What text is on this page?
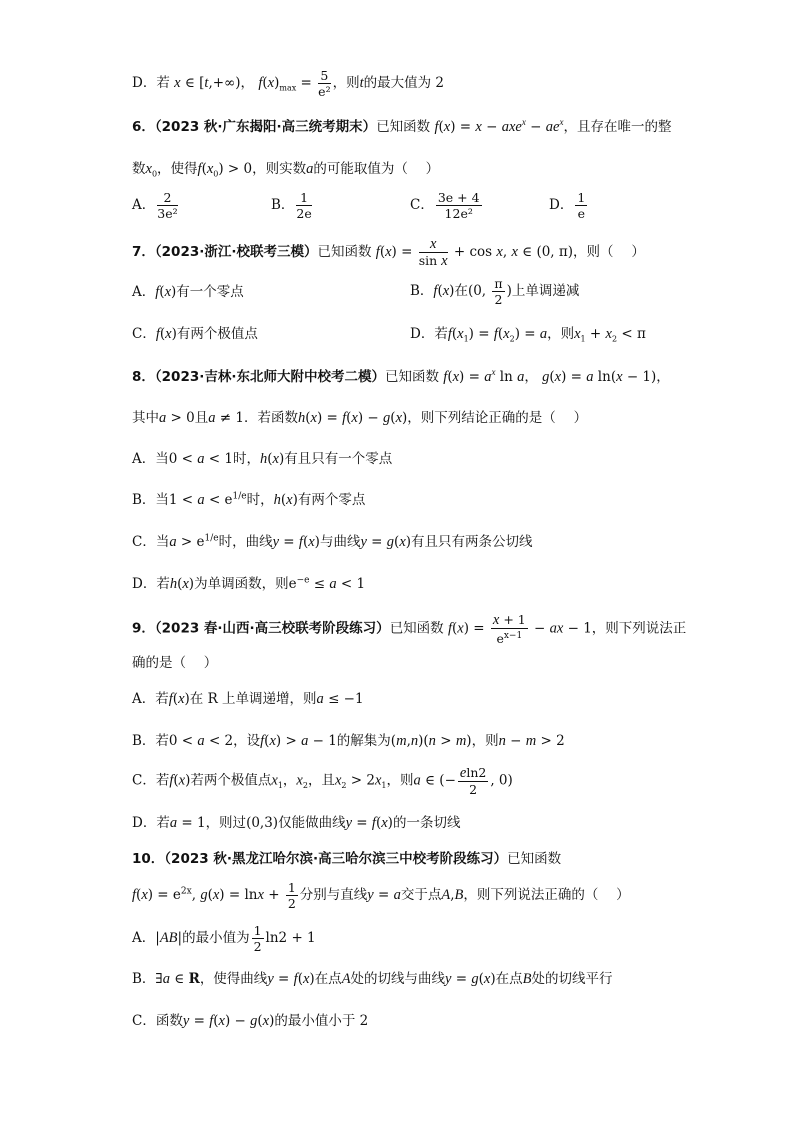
D．若 x ∈ [t,+∞)， $f(x)_{max} = \frac{5}{\text{e²}}$ ，则t的最大值为 2
6．（2023 秋·广东揭阳·高三统考期末）已知函数 $f(x) = x - axe^x - ae^x$，且存在唯一的整
数$x_0$，使得$f(x_0) > 0$，则实数a的可能取值为（　 ）
A． $\frac{2}{\text{3e²}}$	B． $\frac{1}{2e}$	C． $\frac{3e + 4}{\text{12e²}}$	D． $\frac{1}{e}$
7．（2023·浙江·校联考三模）已知函数 $f(x) = \frac{x}{\text{sin x}} + \cos x$, x ∈ (0, π)，则（　 ）
A．f(x)有一个零点	B．f(x)在(0, $\frac{\pi}{2}$ )上单调递减
C．f(x)有两个极值点	D．若$f(x_1) = f(x_2) = a$，则$x_1 + x_2 < \pi$
8．（2023·吉林·东北师大附中校考二模）已知函数 $f(x) = a^x$ ln a， g(x) = a ln(x − 1)，
其中a > 0且a ≠ 1．若函数h(x) = f(x) − g(x)，则下列结论正确的是（　 ）
A．当0 < a < 1时，h(x)有且只有一个零点
B．当$1 < a < e^{1/e}$时，h(x)有两个零点
C．当$a > e^{1/e}$时，曲线y = f(x)与曲线y = g(x)有且只有两条公切线
D．若h(x)为单调函数，则$e^{-e} \le a < 1$
9．（2023 春·山西·高三校联考阶段练习）已知函数 $f(x) = \frac{x + 1}{e^{x-1}}$ − ax − 1，则下列说法正
确的是（　 ）
A．若f(x)在 R 上单调递增，则a ≤ −1
B．若0 < a < 2，设f(x) > a − 1的解集为(m,n)(n > m)，则n − m > 2
C．若f(x)若两个极值点$x_1$，$x_2$，且$x_2 > 2x_1$，则a ∈ (− $\frac{eln2}{2}$ , 0)
D．若a = 1，则过(0,3)仅能做曲线y = f(x)的一条切线
10．（2023 秋·黑龙江哈尔滨·高三哈尔滨三中校考阶段练习）已知函数
$f(x) = e^{2x}$, $g(x) = \ln x + \frac{1}{2}$ 分别与直线y = a交于点A,B，则下列说法正确的（　 ）
A．|AB|的最小值为 $\frac{1}{2} \ln 2 + 1$
B．∃a ∈ R，使得曲线y = f(x)在点A处的切线与曲线y = g(x)在点B处的切线平行
C．函数y = f(x) − g(x)的最小值小于 2
